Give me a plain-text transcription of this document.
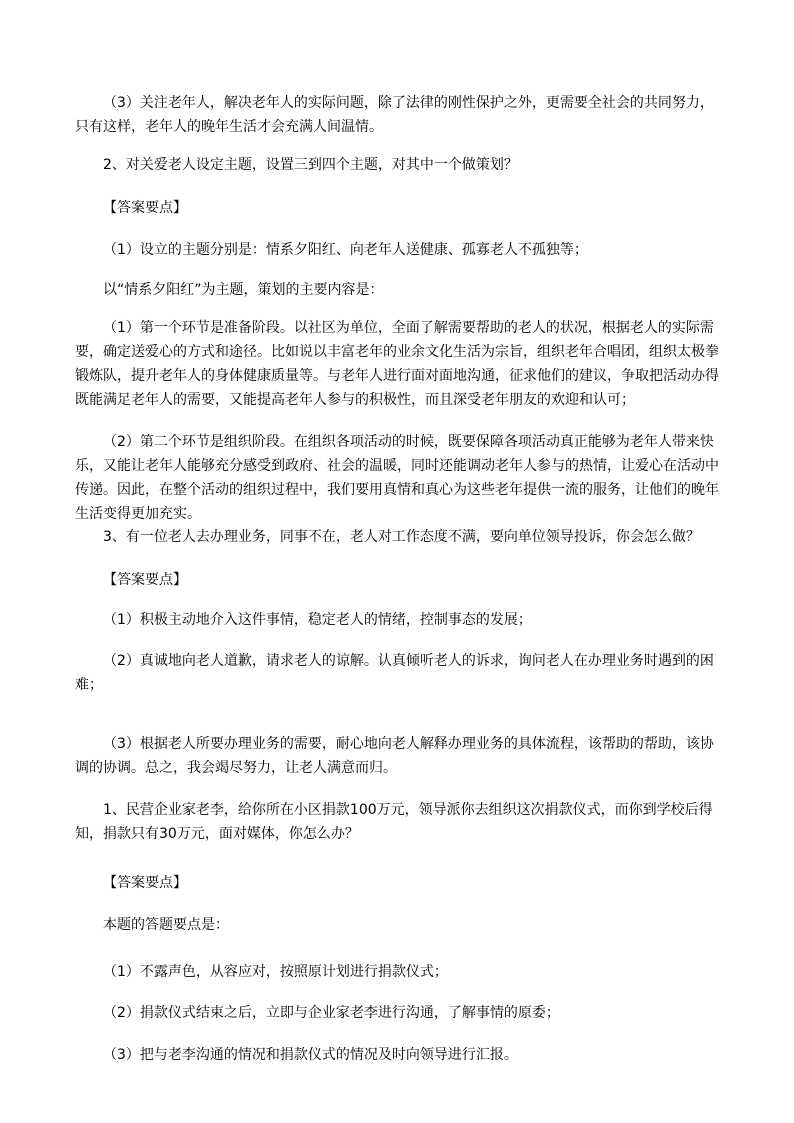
（3）关注老年人，解决老年人的实际问题，除了法律的刚性保护之外，更需要全社会的共同努力，只有这样，老年人的晚年生活才会充满人间温情。

2、对关爱老人设定主题，设置三到四个主题，对其中一个做策划？

【答案要点】

（1）设立的主题分别是：情系夕阳红、向老年人送健康、孤寡老人不孤独等；

以“情系夕阳红”为主题，策划的主要内容是：

（1）第一个环节是准备阶段。以社区为单位，全面了解需要帮助的老人的状况，根据老人的实际需要，确定送爱心的方式和途径。比如说以丰富老年的业余文化生活为宗旨，组织老年合唱团，组织太极拳锻炼队，提升老年人的身体健康质量等。与老年人进行面对面地沟通，征求他们的建议，争取把活动办得既能满足老年人的需要，又能提高老年人参与的积极性，而且深受老年朋友的欢迎和认可；

（2）第二个环节是组织阶段。在组织各项活动的时候，既要保障各项活动真正能够为老年人带来快乐，又能让老年人能够充分感受到政府、社会的温暖，同时还能调动老年人参与的热情，让爱心在活动中传递。因此，在整个活动的组织过程中，我们要用真情和真心为这些老年提供一流的服务，让他们的晚年生活变得更加充实。

3、有一位老人去办理业务，同事不在，老人对工作态度不满，要向单位领导投诉，你会怎么做？

【答案要点】

（1）积极主动地介入这件事情，稳定老人的情绪，控制事态的发展；

（2）真诚地向老人道歉，请求老人的谅解。认真倾听老人的诉求，询问老人在办理业务时遇到的困难；

（3）根据老人所要办理业务的需要，耐心地向老人解释办理业务的具体流程，该帮助的帮助，该协调的协调。总之，我会竭尽努力，让老人满意而归。

1、民营企业家老李，给你所在小区捐款100万元，领导派你去组织这次捐款仪式，而你到学校后得知，捐款只有30万元，面对媒体，你怎么办？

【答案要点】

本题的答题要点是：

（1）不露声色，从容应对，按照原计划进行捐款仪式；

（2）捐款仪式结束之后，立即与企业家老李进行沟通，了解事情的原委；

（3）把与老李沟通的情况和捐款仪式的情况及时向领导进行汇报。
